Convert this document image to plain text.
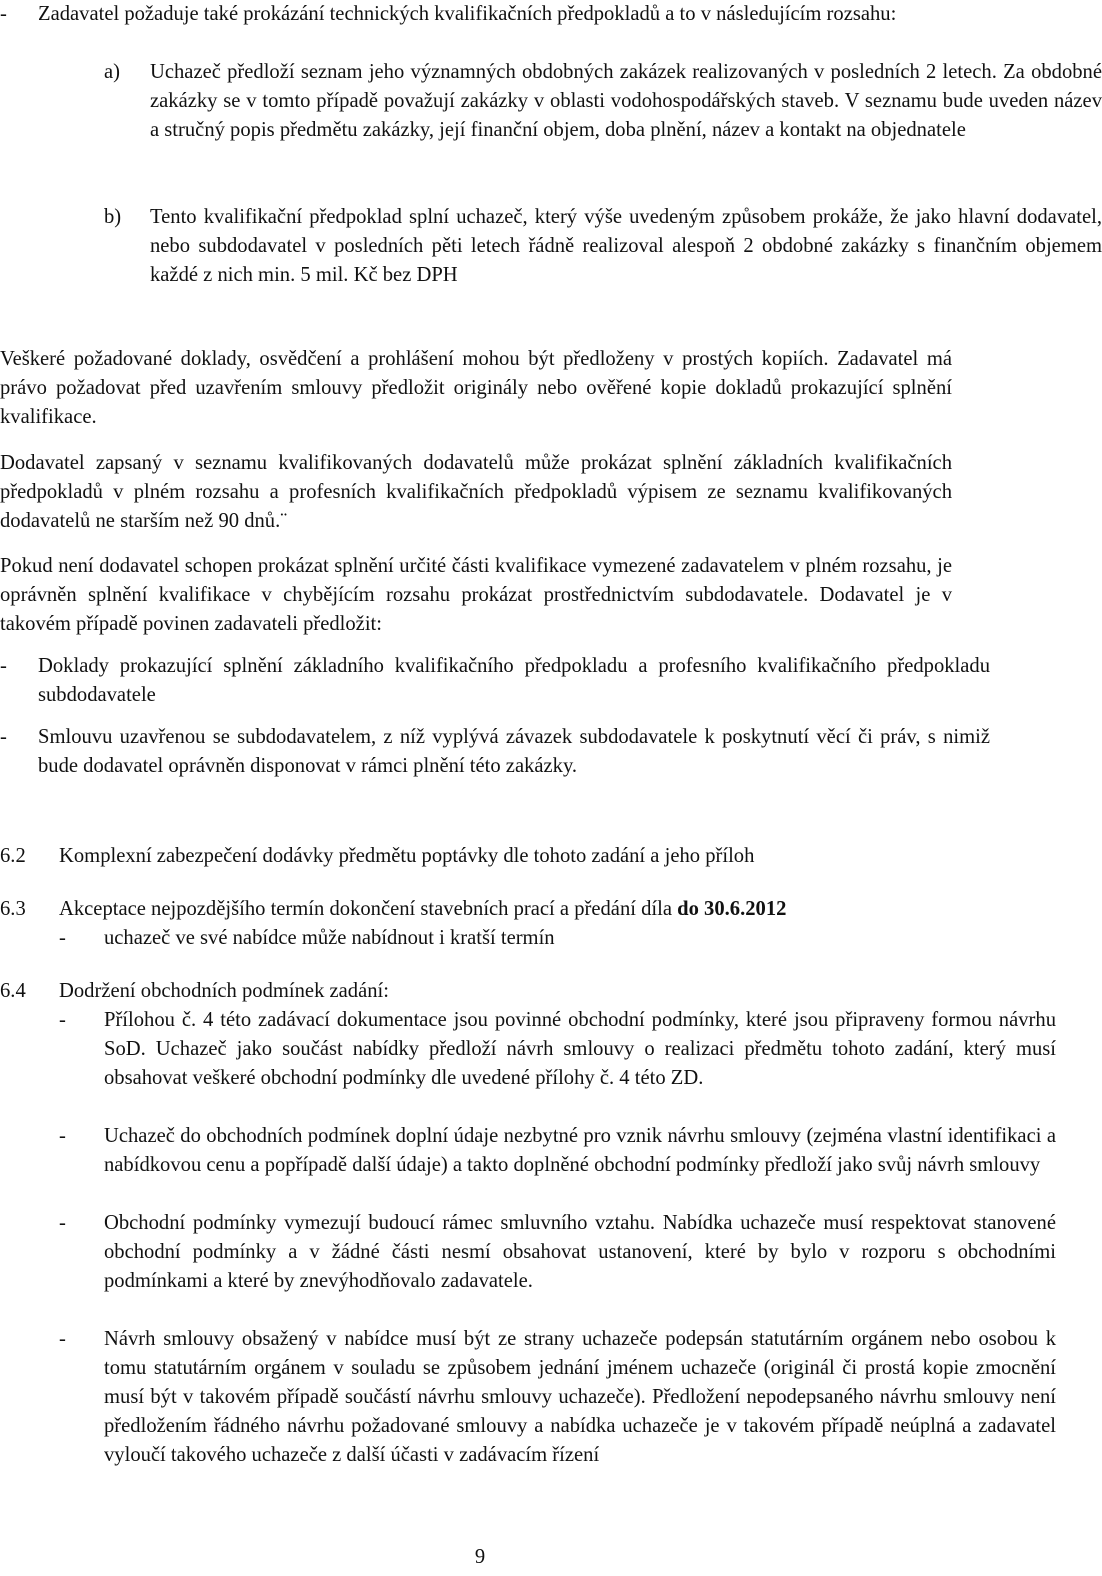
- Zadavatel požaduje také prokázání technických kvalifikačních předpokladů a to v následujícím rozsahu:
a) Uchazeč předloží seznam jeho významných obdobných zakázek realizovaných v posledních 2 letech. Za obdobné zakázky se v tomto případě považují zakázky v oblasti vodohospodářských staveb. V seznamu bude uveden název a stručný popis předmětu zakázky, její finanční objem, doba plnění, název a kontakt na objednatele
b) Tento kvalifikační předpoklad splní uchazeč, který výše uvedeným způsobem prokáže, že jako hlavní dodavatel, nebo subdodavatel v posledních pěti letech řádně realizoval alespoň 2 obdobné zakázky s finančním objemem každé z nich min. 5 mil. Kč bez DPH

Veškeré požadované doklady, osvědčení a prohlášení mohou být předloženy v prostých kopiích. Zadavatel má právo požadovat před uzavřením smlouvy předložit originály nebo ověřené kopie dokladů prokazující splnění kvalifikace.

Dodavatel zapsaný v seznamu kvalifikovaných dodavatelů může prokázat splnění základních kvalifikačních předpokladů v plném rozsahu a profesních kvalifikačních předpokladů výpisem ze seznamu kvalifikovaných dodavatelů ne starším než 90 dnů.¨

Pokud není dodavatel schopen prokázat splnění určité části kvalifikace vymezené zadavatelem v plném rozsahu, je oprávněn splnění kvalifikace v chybějícím rozsahu prokázat prostřednictvím subdodavatele. Dodavatel je v takovém případě povinen zadavateli předložit:

- Doklady prokazující splnění základního kvalifikačního předpokladu a profesního kvalifikačního předpokladu subdodavatele
- Smlouvu uzavřenou se subdodavatelem, z níž vyplývá závazek subdodavatele k poskytnutí věcí či práv, s nimiž bude dodavatel oprávněn disponovat v rámci plnění této zakázky.
6.2 Komplexní zabezpečení dodávky předmětu poptávky dle tohoto zadání a jeho příloh
6.3 Akceptace nejpozdějšího termín dokončení stavebních prací a předání díla do 30.6.2012
- uchazeč ve své nabídce může nabídnout i kratší termín
6.4 Dodržení obchodních podmínek zadání:
- Přílohou č. 4 této zadávací dokumentace jsou povinné obchodní podmínky, které jsou připraveny formou návrhu SoD. Uchazeč jako součást nabídky předloží návrh smlouvy o realizaci předmětu tohoto zadání, který musí obsahovat veškeré obchodní podmínky dle uvedené přílohy č. 4 této ZD.
- Uchazeč do obchodních podmínek doplní údaje nezbytné pro vznik návrhu smlouvy (zejména vlastní identifikaci a nabídkovou cenu a popřípadě další údaje) a takto doplněné obchodní podmínky předloží jako svůj návrh smlouvy
- Obchodní podmínky vymezují budoucí rámec smluvního vztahu. Nabídka uchazeče musí respektovat stanovené obchodní podmínky a v žádné části nesmí obsahovat ustanovení, které by bylo v rozporu s obchodními podmínkami a které by znevýhodňovalo zadavatele.
- Návrh smlouvy obsažený v nabídce musí být ze strany uchazeče podepsán statutárním orgánem nebo osobou k tomu statutárním orgánem v souladu se způsobem jednání jménem uchazeče (originál či prostá kopie zmocnění musí být v takovém případě součástí návrhu smlouvy uchazeče). Předložení nepodepsaného návrhu smlouvy není předložením řádného návrhu požadované smlouvy a nabídka uchazeče je v takovém případě neúplná a zadavatel vyloučí takového uchazeče z další účasti v zadávacím řízení
9
